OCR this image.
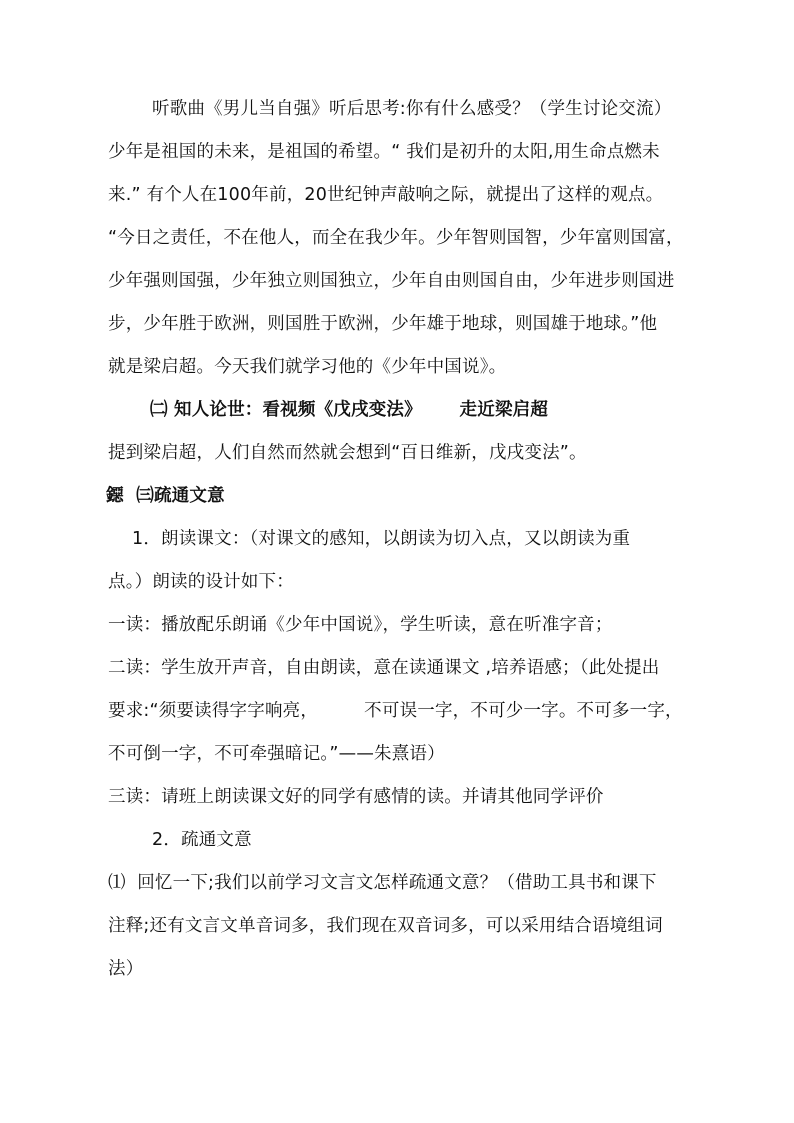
听歌曲《男儿当自强》听后思考:你有什么感受？（学生讨论交流）
少年是祖国的未来，是祖国的希望。“ 我们是初升的太阳,用生命点燃未
来.” 有个人在100年前，20世纪钟声敲响之际，就提出了这样的观点。
“今日之责任，不在他人，而全在我少年。少年智则国智，少年富则国富，
少年强则国强，少年独立则国独立，少年自由则国自由，少年进步则国进
步，少年胜于欧洲，则国胜于欧洲，少年雄于地球，则国雄于地球。”他
就是梁启超。今天我们就学习他的《少年中国说》。
㈡ 知人论世：看视频《戊戌变法》      走近梁启超
提到梁启超，人们自然而然就会想到“百日维新，戊戌变法”。
鐚  ㈢疏通文意
1．朗读课文：（对课文的感知，以朗读为切入点，又以朗读为重
点。）朗读的设计如下：
一读：播放配乐朗诵《少年中国说》，学生听读，意在听准字音；
二读：学生放开声音，自由朗读，意在读通课文 ,培养语感；（此处提出
要求:“须要读得字字响亮，        不可误一字，不可少一字。不可多一字，
不可倒一字，不可牵强暗记。”——朱熹语）
三读：请班上朗读课文好的同学有感情的读。并请其他同学评价
2．疏通文意
⑴  回忆一下;我们以前学习文言文怎样疏通文意？（借助工具书和课下
注释;还有文言文单音词多，我们现在双音词多，可以采用结合语境组词
法）
